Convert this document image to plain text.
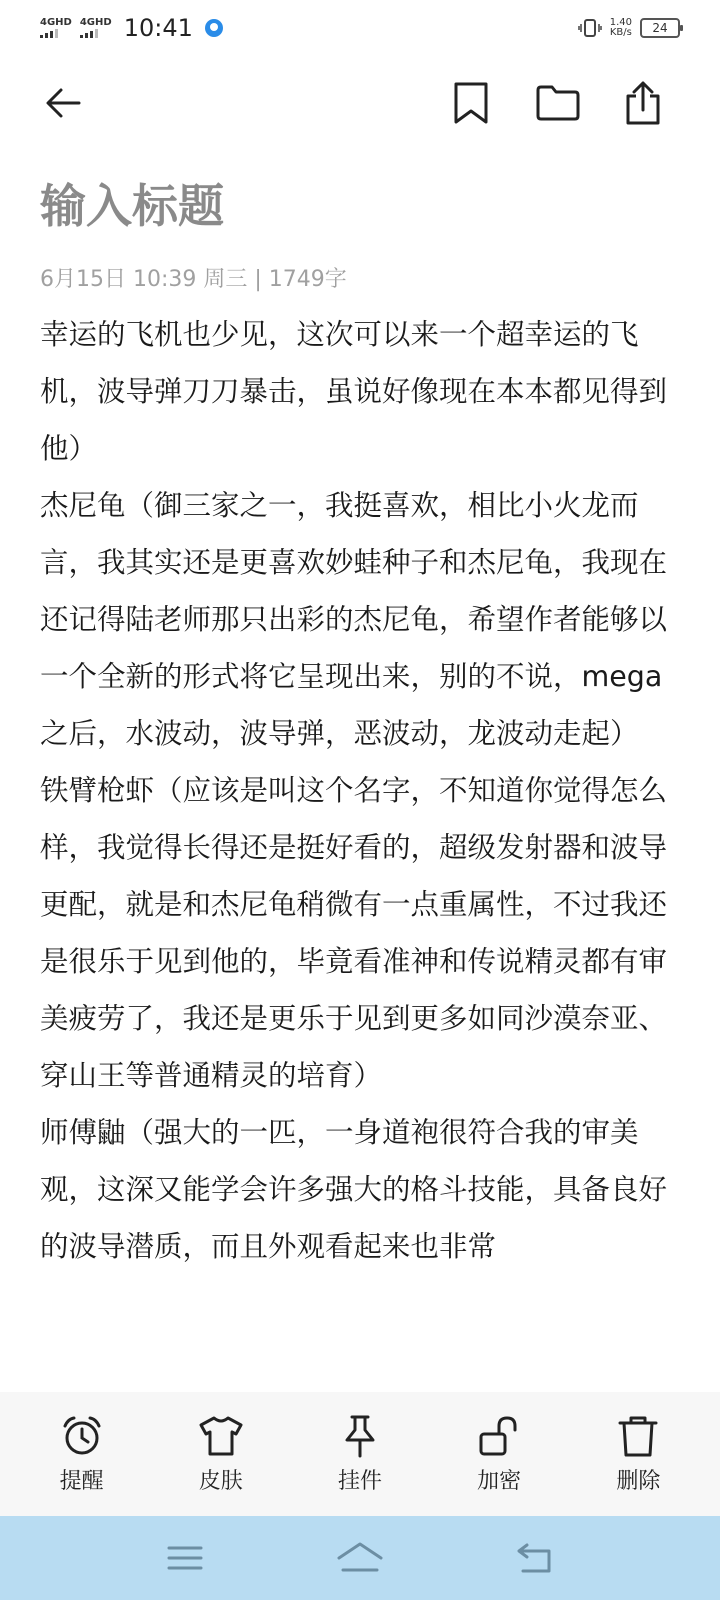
4GHD 4GHD 10:41	1.40
KB/s 24
输入标题
6月15日 10:39 周三 | 1749字

幸运的飞机也少见，这次可以来一个超幸运的飞机，波导弹刀刀暴击，虽说好像现在本本都见得到他）

杰尼龟（御三家之一，我挺喜欢，相比小火龙而言，我其实还是更喜欢妙蛙种子和杰尼龟，我现在还记得陆老师那只出彩的杰尼龟，希望作者能够以一个全新的形式将它呈现出来，别的不说，mega之后，水波动，波导弹，恶波动，龙波动走起）

铁臂枪虾（应该是叫这个名字，不知道你觉得怎么样，我觉得长得还是挺好看的，超级发射器和波导更配，就是和杰尼龟稍微有一点重属性，不过我还是很乐于见到他的，毕竟看准神和传说精灵都有审美疲劳了，我还是更乐于见到更多如同沙漠奈亚、穿山王等普通精灵的培育）

师傅鼬（强大的一匹，一身道袍很符合我的审美观，这深又能学会许多强大的格斗技能，具备良好的波导潜质，而且外观看起来也非常

提醒	皮肤	挂件	加密	删除
